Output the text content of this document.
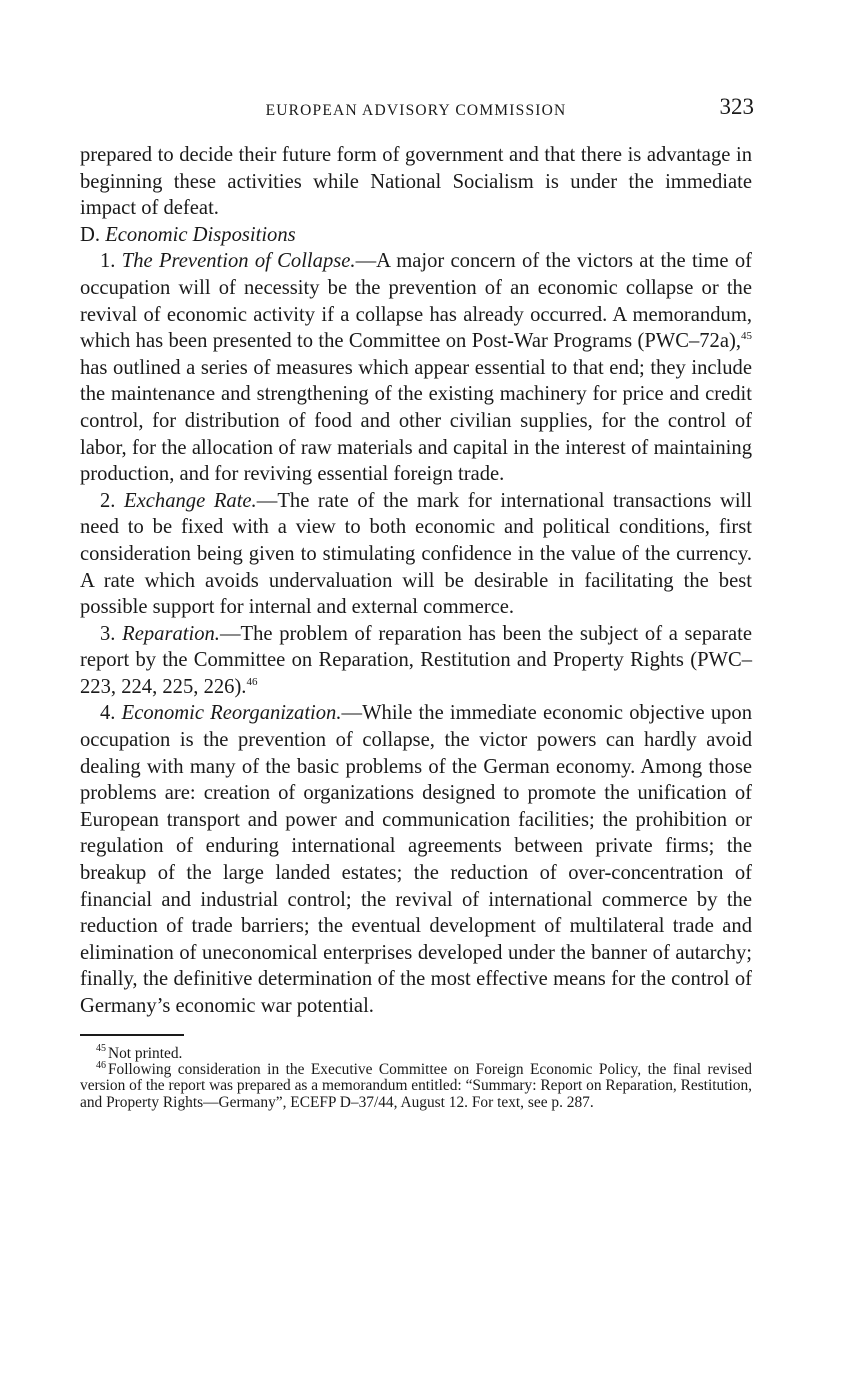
EUROPEAN ADVISORY COMMISSION	323

prepared to decide their future form of government and that there is advantage in beginning these activities while National Socialism is under the immediate impact of defeat.

D. Economic Dispositions

1. The Prevention of Collapse.—A major concern of the victors at the time of occupation will of necessity be the prevention of an economic collapse or the revival of economic activity if a collapse has already occurred. A memorandum, which has been presented to the Committee on Post-War Programs (PWC–72a),$^{45}$ has outlined a series of measures which appear essential to that end; they include the maintenance and strengthening of the existing machinery for price and credit control, for distribution of food and other civilian supplies, for the control of labor, for the allocation of raw materials and capital in the interest of maintaining production, and for reviving essential foreign trade.

2. Exchange Rate.—The rate of the mark for international transactions will need to be fixed with a view to both economic and political conditions, first consideration being given to stimulating confidence in the value of the currency. A rate which avoids undervaluation will be desirable in facilitating the best possible support for internal and external commerce.

3. Reparation.—The problem of reparation has been the subject of a separate report by the Committee on Reparation, Restitution and Property Rights (PWC–223, 224, 225, 226).$^{46}$

4. Economic Reorganization.—While the immediate economic objective upon occupation is the prevention of collapse, the victor powers can hardly avoid dealing with many of the basic problems of the German economy. Among those problems are: creation of organizations designed to promote the unification of European transport and power and communication facilities; the prohibition or regulation of enduring international agreements between private firms; the breakup of the large landed estates; the reduction of over-concentration of financial and industrial control; the revival of international commerce by the reduction of trade barriers; the eventual development of multilateral trade and elimination of uneconomical enterprises developed under the banner of autarchy; finally, the definitive determination of the most effective means for the control of Germany’s economic war potential.

$^{45}$ Not printed.

$^{46}$ Following consideration in the Executive Committee on Foreign Economic Policy, the final revised version of the report was prepared as a memorandum entitled: “Summary: Report on Reparation, Restitution, and Property Rights—Germany”, ECEFP D–37/44, August 12. For text, see p. 287.
